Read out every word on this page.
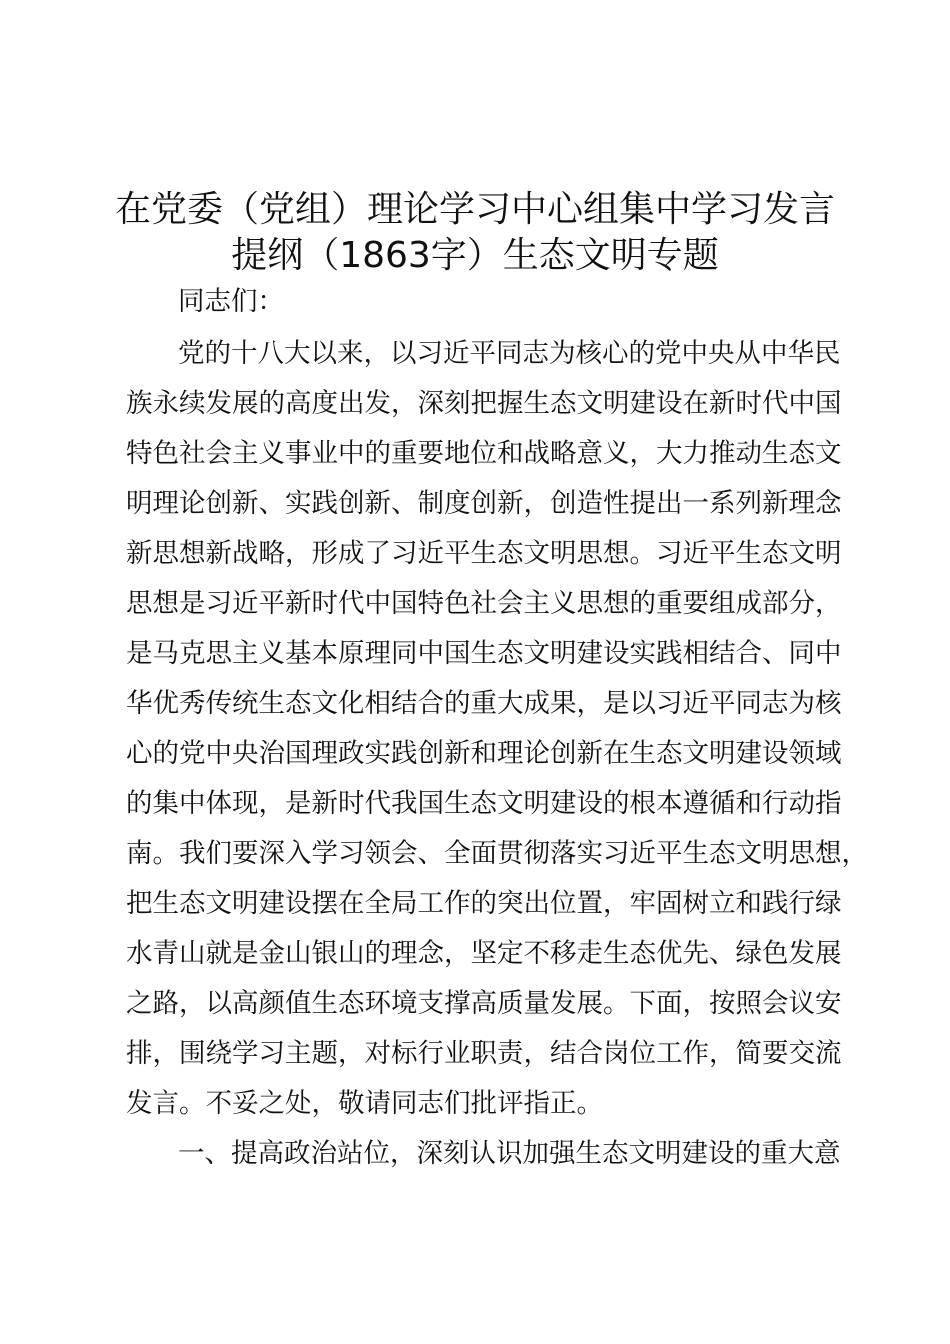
在党委（党组）理论学习中心组集中学习发言
提纲（1863字）生态文明专题
同志们：
党的十八大以来，以习近平同志为核心的党中央从中华民
族永续发展的高度出发，深刻把握生态文明建设在新时代中国
特色社会主义事业中的重要地位和战略意义，大力推动生态文
明理论创新、实践创新、制度创新，创造性提出一系列新理念
新思想新战略，形成了习近平生态文明思想。习近平生态文明
思想是习近平新时代中国特色社会主义思想的重要组成部分，
是马克思主义基本原理同中国生态文明建设实践相结合、同中
华优秀传统生态文化相结合的重大成果，是以习近平同志为核
心的党中央治国理政实践创新和理论创新在生态文明建设领域
的集中体现，是新时代我国生态文明建设的根本遵循和行动指
南。我们要深入学习领会、全面贯彻落实习近平生态文明思想，
把生态文明建设摆在全局工作的突出位置，牢固树立和践行绿
水青山就是金山银山的理念，坚定不移走生态优先、绿色发展
之路，以高颜值生态环境支撑高质量发展。下面，按照会议安
排，围绕学习主题，对标行业职责，结合岗位工作，简要交流
发言。不妥之处，敬请同志们批评指正。
一、提高政治站位，深刻认识加强生态文明建设的重大意
